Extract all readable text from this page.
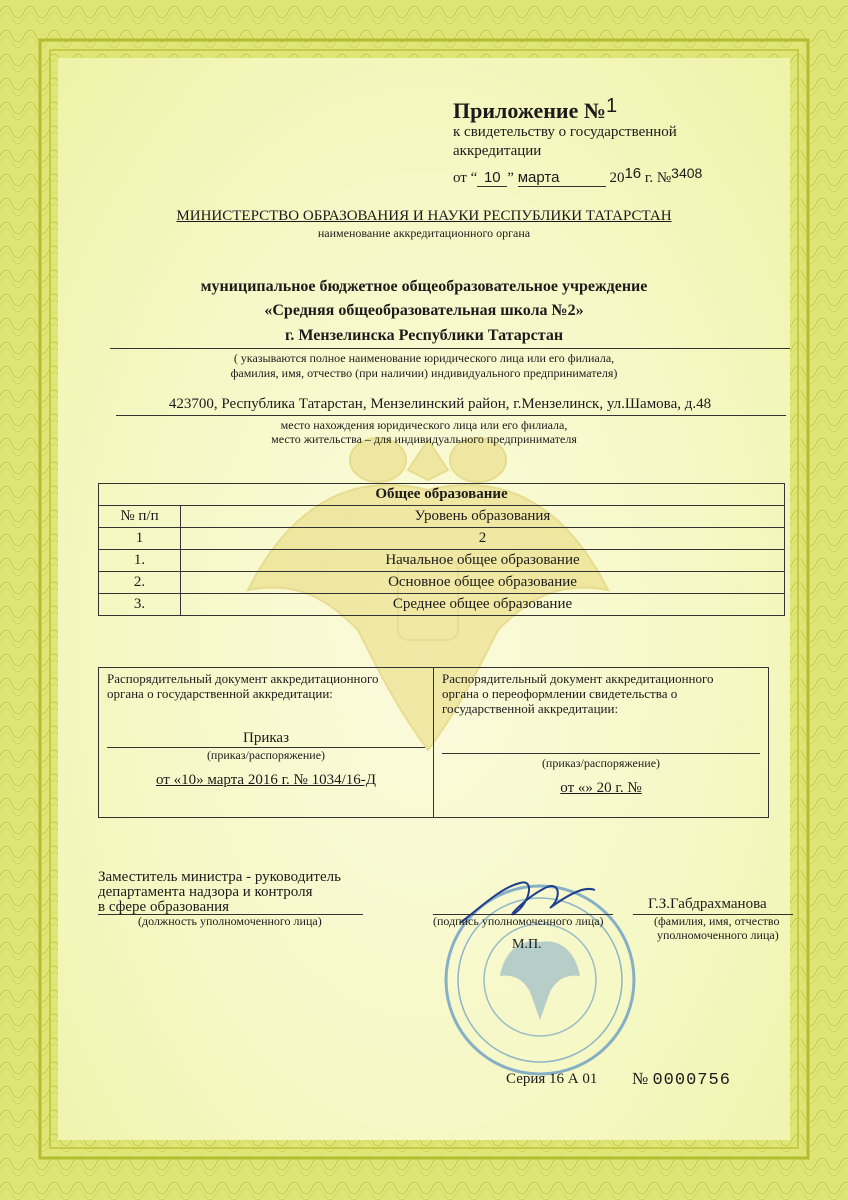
Приложение №1
к свидетельству о государственной
аккредитации
от “ 10 ” марта	2016 г. №3408
МИНИСТЕРСТВО ОБРАЗОВАНИЯ И НАУКИ РЕСПУБЛИКИ ТАТАРСТАН
наименование аккредитационного органа
муниципальное бюджетное общеобразовательное учреждение
«Средняя общеобразовательная школа №2»
г. Мензелинска Республики Татарстан
( указываются полное наименование юридического лица или его филиала,
фамилия, имя, отчество (при наличии) индивидуального предпринимателя)
423700, Республика Татарстан, Мензелинский район, г.Мензелинск, ул.Шамова, д.48
место нахождения юридического лица или его филиала,
место жительства – для индивидуального предпринимателя
Общее образование	
№ п/п	Уровень образования
1	2
1.	Начальное общее образование
2.	Основное общее образование
3.	Среднее общее образование
Распорядительный документ аккредитационного
органа о государственной аккредитации:
Приказ
(приказ/распоряжение)
от «10» марта 2016 г. № 1034/16-Д
Распорядительный документ аккредитационного
органа о переоформлении свидетельства о
государственной аккредитации:
(приказ/распоряжение)
от «» 20 г. №
Заместитель министра - руководитель
департамента надзора и контроля
в сфере образования
(должность уполномоченного лица)	(подпись уполномоченного лица)
М.П.
Г.З.Габдрахманова
(фамилия, имя, отчество
уполномоченного лица)
Серия 16 А 01 № 0000756
